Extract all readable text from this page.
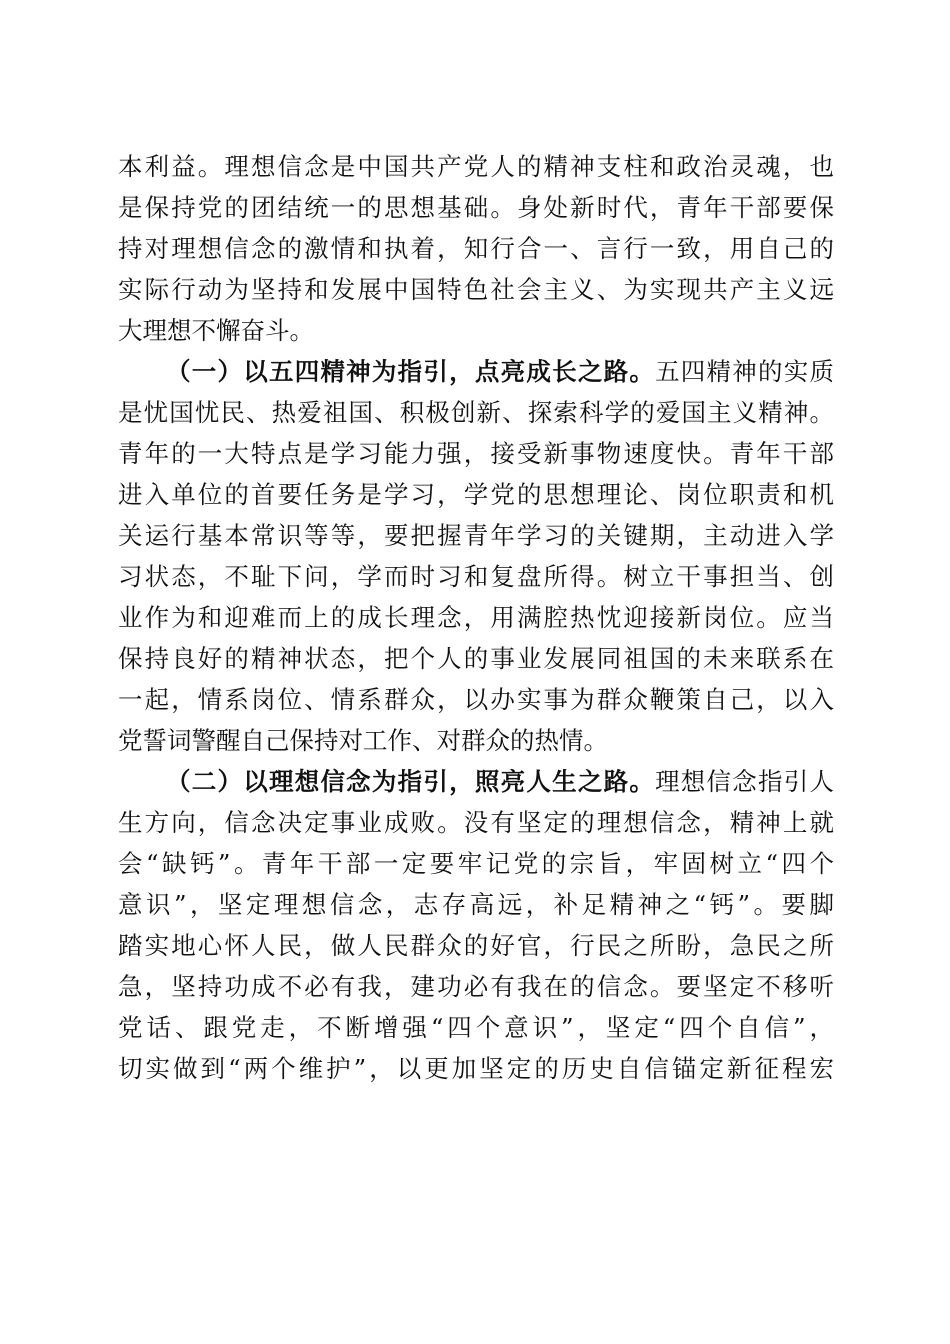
本利益。理想信念是中国共产党人的精神支柱和政治灵魂，也
是保持党的团结统一的思想基础。身处新时代，青年干部要保
持对理想信念的激情和执着，知行合一、言行一致，用自己的
实际行动为坚持和发展中国特色社会主义、为实现共产主义远
大理想不懈奋斗。
（一）以五四精神为指引，点亮成长之路。五四精神的实质
是忧国忧民、热爱祖国、积极创新、探索科学的爱国主义精神。
青年的一大特点是学习能力强，接受新事物速度快。青年干部
进入单位的首要任务是学习，学党的思想理论、岗位职责和机
关运行基本常识等等，要把握青年学习的关键期，主动进入学
习状态，不耻下问，学而时习和复盘所得。树立干事担当、创
业作为和迎难而上的成长理念，用满腔热忱迎接新岗位。应当
保持良好的精神状态，把个人的事业发展同祖国的未来联系在
一起，情系岗位、情系群众，以办实事为群众鞭策自己，以入
党誓词警醒自己保持对工作、对群众的热情。
（二）以理想信念为指引，照亮人生之路。理想信念指引人
生方向，信念决定事业成败。没有坚定的理想信念，精神上就
会“缺钙”。青年干部一定要牢记党的宗旨，牢固树立“四个
意识”，坚定理想信念，志存高远，补足精神之“钙”。要脚
踏实地心怀人民，做人民群众的好官，行民之所盼，急民之所
急，坚持功成不必有我，建功必有我在的信念。要坚定不移听
党话、跟党走，不断增强“四个意识”，坚定“四个自信”，
切实做到“两个维护”，以更加坚定的历史自信锚定新征程宏
